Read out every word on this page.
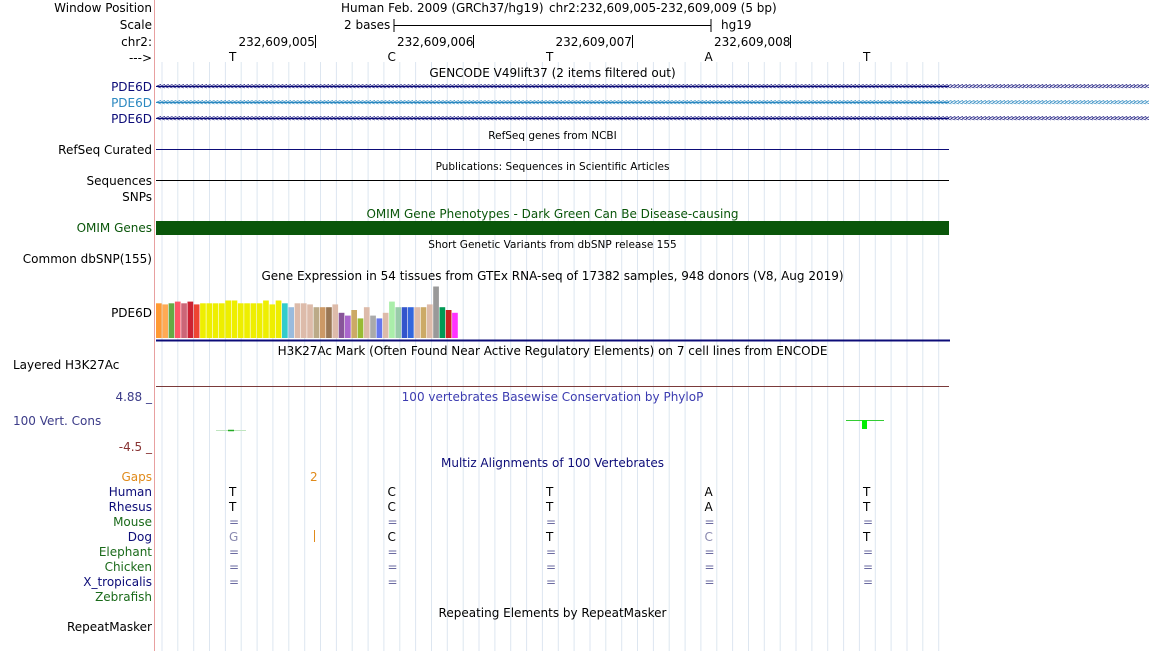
Window Position
Scale
chr2:
--->
Human Feb. 2009 (GRCh37/hg19) chr2:232,609,005-232,609,009 (5 bp)
2 bases	hg19
232,609,005	232,609,006	232,609,007	232,609,008
T	C	T	A	T
GENCODE V49lift37 (2 items filtered out)
PDE6D <<<<<<<<<<<<<<<<<<<<<<<<<<<<<<<<<<<<<<<<<<<<<<<<<<<<<<<<<<<<<<<<<<<<<<<<<<<<<<<<<<<<<<<<<<<<<<<<<<<<<<<<<<<<<<<<<<<<<<<<<<<<<<<<<<<<<<<<<<<<<<<<<<<<<<<<<<<<<<<<<<<<<<<<<<<<<<<<<<<<<<<<<<<<<<<<<<<<<<<<<<<<<<<<<<<<<<<<<<<<<<<<<<<<<<<<<<<<<<<<<<<<<<<<<<<<<<<<<<<<
PDE6D <<<<<<<<<<<<<<<<<<<<<<<<<<<<<<<<<<<<<<<<<<<<<<<<<<<<<<<<<<<<<<<<<<<<<<<<<<<<<<<<<<<<<<<<<<<<<<<<<<<<<<<<<<<<<<<<<<<<<<<<<<<<<<<<<<<<<<<<<<<<<<<<<<<<<<<<<<<<<<<<<<<<<<<<<<<<<<<<<<<<<<<<<<<<<<<<<<<<<<<<<<<<<<<<<<<<<<<<<<<<<<<<<<<<<<<<<<<<<<<<<<<<<<<<<<<<<<<<<<<<
PDE6D <<<<<<<<<<<<<<<<<<<<<<<<<<<<<<<<<<<<<<<<<<<<<<<<<<<<<<<<<<<<<<<<<<<<<<<<<<<<<<<<<<<<<<<<<<<<<<<<<<<<<<<<<<<<<<<<<<<<<<<<<<<<<<<<<<<<<<<<<<<<<<<<<<<<<<<<<<<<<<<<<<<<<<<<<<<<<<<<<<<<<<<<<<<<<<<<<<<<<<<<<<<<<<<<<<<<<<<<<<<<<<<<<<<<<<<<<<<<<<<<<<<<<<<<<<<<<<<<<<<<
RefSeq genes from NCBI
RefSeq Curated
Publications: Sequences in Scientific Articles
Sequences
SNPs
OMIM Gene Phenotypes - Dark Green Can Be Disease-causing
OMIM Genes
Short Genetic Variants from dbSNP release 155
Common dbSNP(155)
Gene Expression in 54 tissues from GTEx RNA-seq of 17382 samples, 948 donors (V8, Aug 2019)
PDE6D
H3K27Ac Mark (Often Found Near Active Regulatory Elements) on 7 cell lines from ENCODE
Layered H3K27Ac
100 vertebrates Basewise Conservation by PhyloP
4.88 _
100 Vert. Cons
-4.5 _
Multiz Alignments of 100 Vertebrates
Gaps	2
Human	T	C	T	A	T
Rhesus	T	C	T	A	T
Mouse	=	=	=	=	=
Dog	G	C	T	C	T
Elephant	=	=	=	=	=
Chicken	=	=	=	=	=
X_tropicalis	=	=	=	=	=
Zebrafish
Repeating Elements by RepeatMasker
RepeatMasker
